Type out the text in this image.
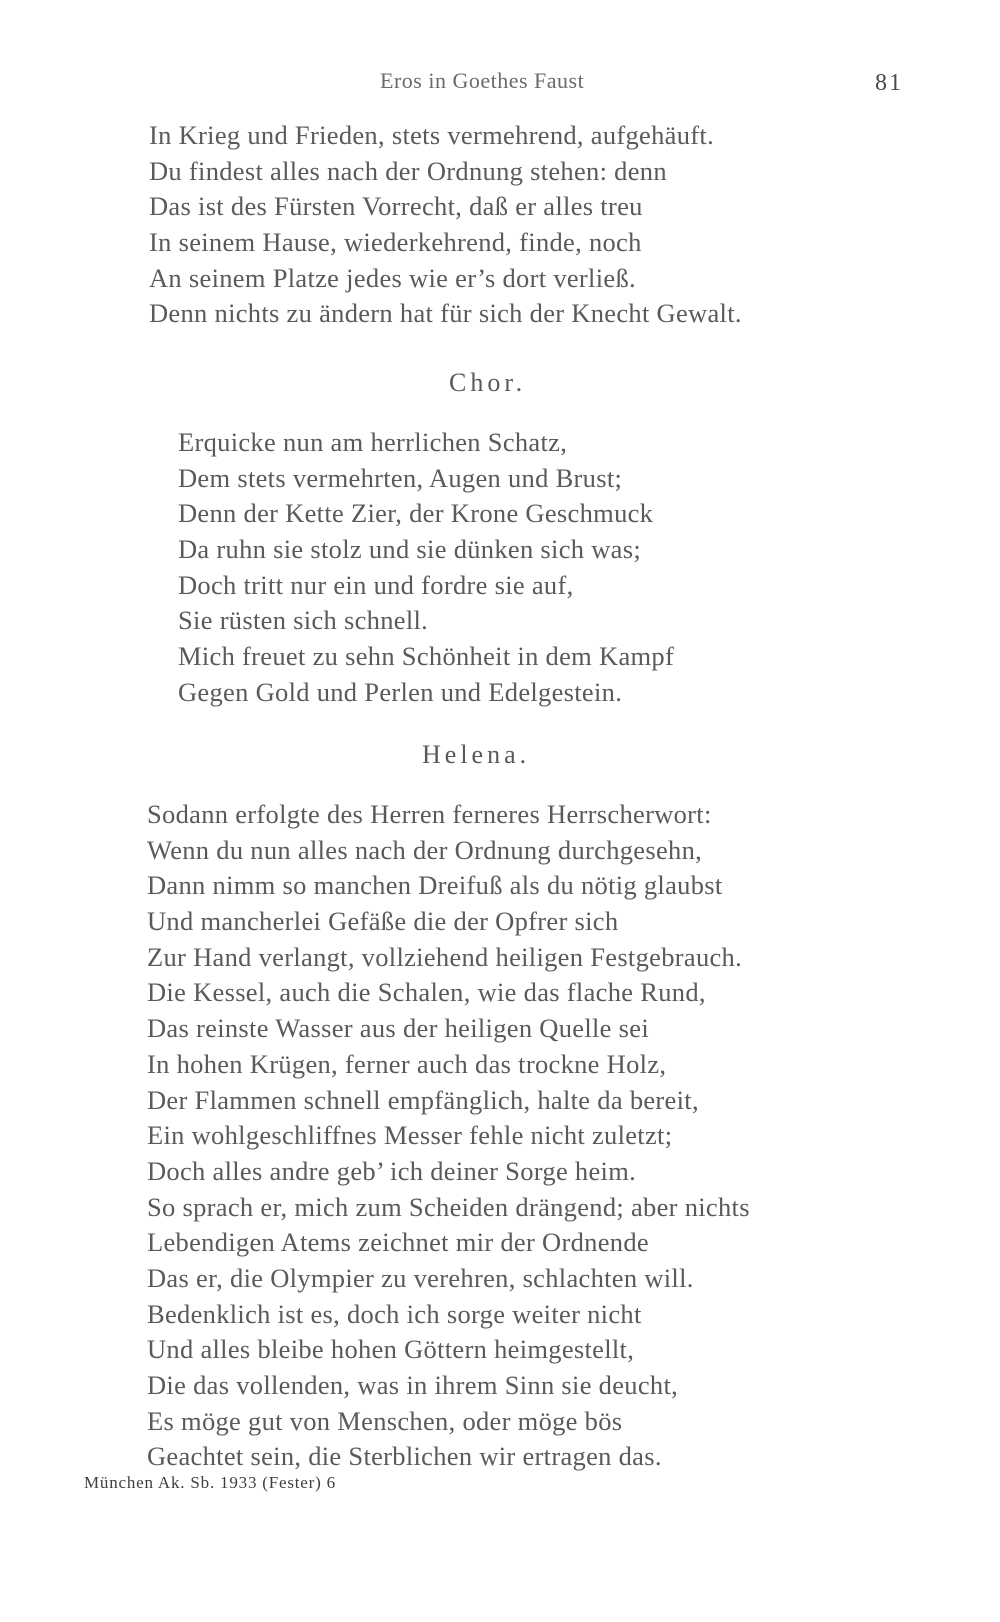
Eros in Goethes Faust	81
In Krieg und Frieden, stets vermehrend, aufgehäuft.
Du findest alles nach der Ordnung stehen: denn
Das ist des Fürsten Vorrecht, daß er alles treu
In seinem Hause, wiederkehrend, finde, noch
An seinem Platze jedes wie er’s dort verließ.
Denn nichts zu ändern hat für sich der Knecht Gewalt.
Chor.
Erquicke nun am herrlichen Schatz,
Dem stets vermehrten, Augen und Brust;
Denn der Kette Zier, der Krone Geschmuck
Da ruhn sie stolz und sie dünken sich was;
Doch tritt nur ein und fordre sie auf,
Sie rüsten sich schnell.
Mich freuet zu sehn Schönheit in dem Kampf
Gegen Gold und Perlen und Edelgestein.
Helena.
Sodann erfolgte des Herren ferneres Herrscherwort:
Wenn du nun alles nach der Ordnung durchgesehn,
Dann nimm so manchen Dreifuß als du nötig glaubst
Und mancherlei Gefäße die der Opfrer sich
Zur Hand verlangt, vollziehend heiligen Festgebrauch.
Die Kessel, auch die Schalen, wie das flache Rund,
Das reinste Wasser aus der heiligen Quelle sei
In hohen Krügen, ferner auch das trockne Holz,
Der Flammen schnell empfänglich, halte da bereit,
Ein wohlgeschliffnes Messer fehle nicht zuletzt;
Doch alles andre geb’ ich deiner Sorge heim.
So sprach er, mich zum Scheiden drängend; aber nichts
Lebendigen Atems zeichnet mir der Ordnende
Das er, die Olympier zu verehren, schlachten will.
Bedenklich ist es, doch ich sorge weiter nicht
Und alles bleibe hohen Göttern heimgestellt,
Die das vollenden, was in ihrem Sinn sie deucht,
Es möge gut von Menschen, oder möge bös
Geachtet sein, die Sterblichen wir ertragen das.
München Ak. Sb. 1933 (Fester) 6
